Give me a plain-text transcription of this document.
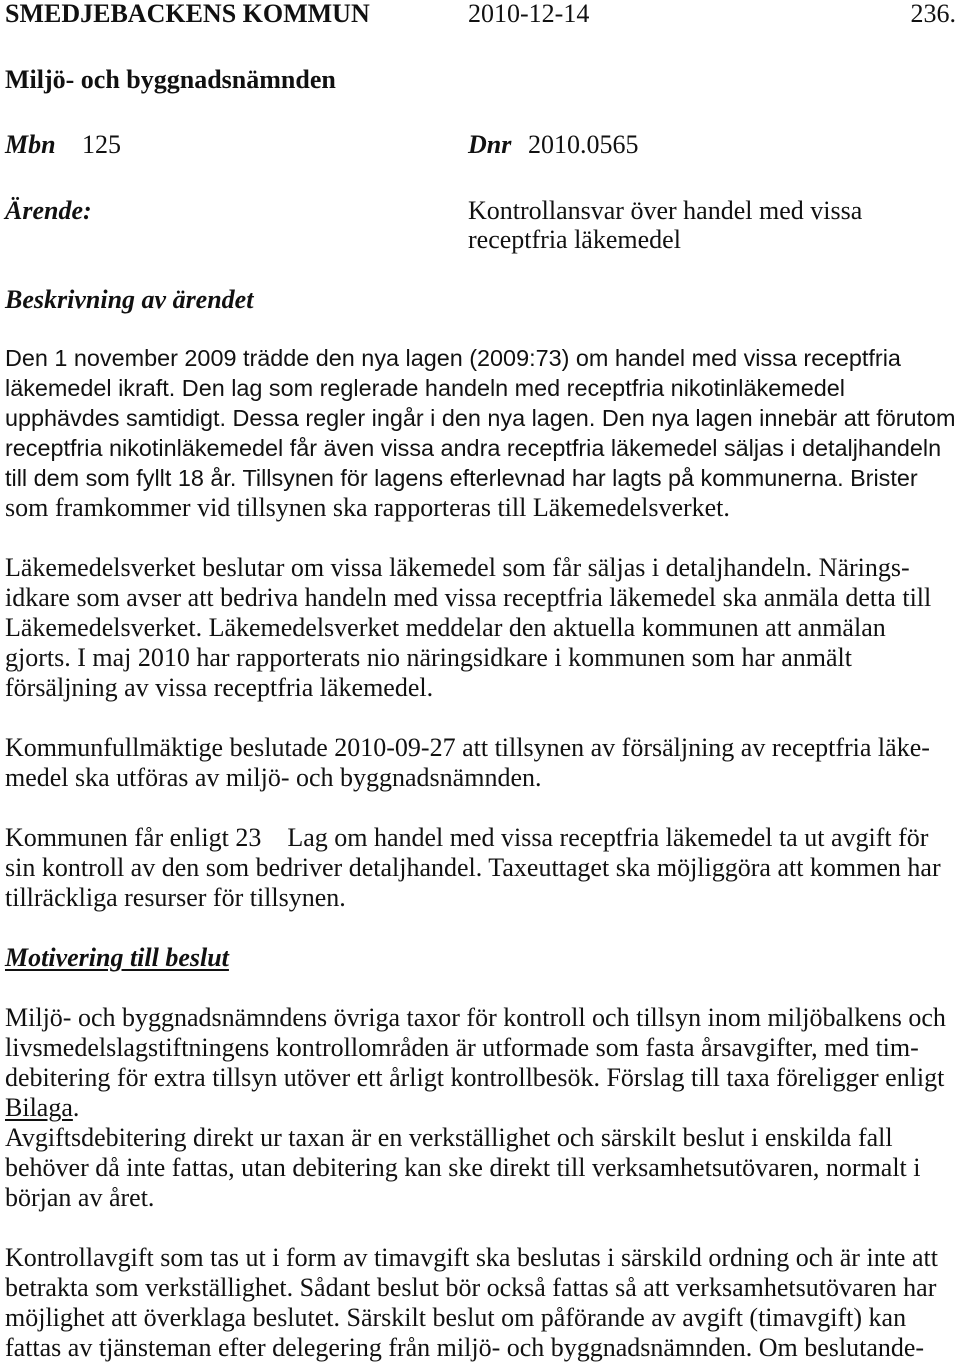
SMEDJEBACKENS KOMMUN	2010-12-14	236.
Miljö- och byggnadsnämnden
Mbn 125	Dnr 2010.0565
Ärende:	Kontrollansvar över handel med vissa
receptfria läkemedel
Beskrivning av ärendet
Den 1 november 2009 trädde den nya lagen (2009:73) om handel med vissa receptfria
läkemedel ikraft. Den lag som reglerade handeln med receptfria nikotinläkemedel
upphävdes samtidigt. Dessa regler ingår i den nya lagen. Den nya lagen innebär att förutom
receptfria nikotinläkemedel får även vissa andra receptfria läkemedel säljas i detaljhandeln
till dem som fyllt 18 år. Tillsynen för lagens efterlevnad har lagts på kommunerna. Brister
som framkommer vid tillsynen ska rapporteras till Läkemedelsverket.
Läkemedelsverket beslutar om vissa läkemedel som får säljas i detaljhandeln. Närings-
idkare som avser att bedriva handeln med vissa receptfria läkemedel ska anmäla detta till
Läkemedelsverket. Läkemedelsverket meddelar den aktuella kommunen att anmälan
gjorts. I maj 2010 har rapporterats nio näringsidkare i kommunen som har anmält
försäljning av vissa receptfria läkemedel.
Kommunfullmäktige beslutade 2010-09-27 att tillsynen av försäljning av receptfria läke-
medel ska utföras av miljö- och byggnadsnämnden.
Kommunen får enligt 23    Lag om handel med vissa receptfria läkemedel ta ut avgift för
sin kontroll av den som bedriver detaljhandel. Taxeuttaget ska möjliggöra att kommen har
tillräckliga resurser för tillsynen.
Motivering till beslut
Miljö- och byggnadsnämndens övriga taxor för kontroll och tillsyn inom miljöbalkens och
livsmedelslagstiftningens kontrollområden är utformade som fasta årsavgifter, med tim-
debitering för extra tillsyn utöver ett årligt kontrollbesök. Förslag till taxa föreligger enligt
Bilaga.
Avgiftsdebitering direkt ur taxan är en verkställighet och särskilt beslut i enskilda fall
behöver då inte fattas, utan debitering kan ske direkt till verksamhetsutövaren, normalt i
början av året.
Kontrollavgift som tas ut i form av timavgift ska beslutas i särskild ordning och är inte att
betrakta som verkställighet. Sådant beslut bör också fattas så att verksamhetsutövaren har
möjlighet att överklaga beslutet. Särskilt beslut om påförande av avgift (timavgift) kan
fattas av tjänsteman efter delegering från miljö- och byggnadsnämnden. Om beslutande-
